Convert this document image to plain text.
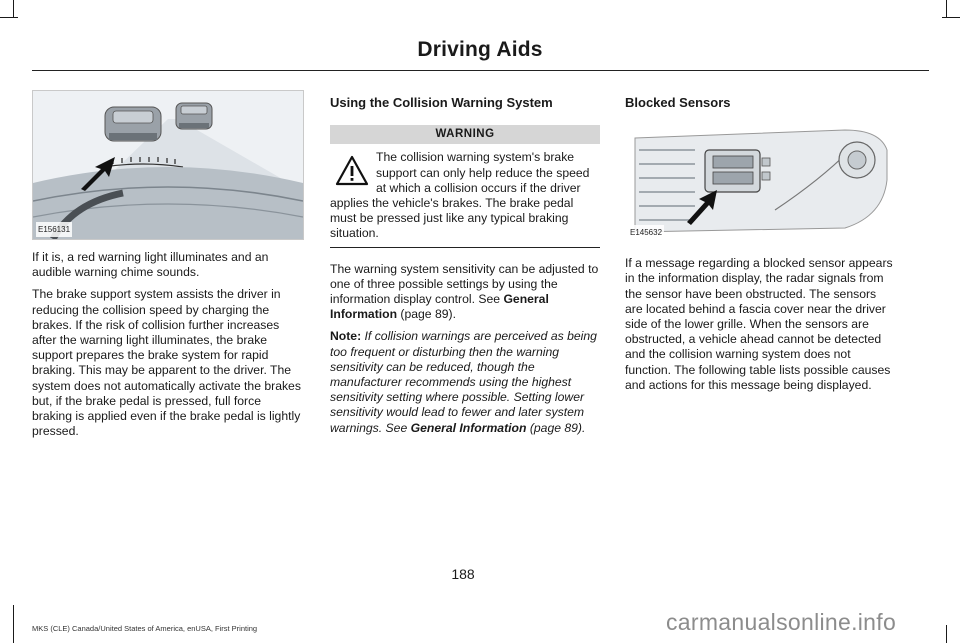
Driving Aids
E156131

If it is, a red warning light illuminates and an audible warning chime sounds.

The brake support system assists the driver in reducing the collision speed by charging the brakes. If the risk of collision further increases after the warning light illuminates, the brake support prepares the brake system for rapid braking. This may be apparent to the driver. The system does not automatically activate the brakes but, if the brake pedal is pressed, full force braking is applied even if the brake pedal is lightly pressed.

Using the Collision Warning System
WARNING
The collision warning system's brake support can only help reduce the speed at which a collision occurs if the driver applies the vehicle's brakes. The brake pedal must be pressed just like any typical braking situation.

The warning system sensitivity can be adjusted to one of three possible settings by using the information display control. See General Information (page 89).

Note: If collision warnings are perceived as being too frequent or disturbing then the warning sensitivity can be reduced, though the manufacturer recommends using the highest sensitivity setting where possible. Setting lower sensitivity would lead to fewer and later system warnings. See General Information (page 89).

Blocked Sensors
E145632

If a message regarding a blocked sensor appears in the information display, the radar signals from the sensor have been obstructed. The sensors are located behind a fascia cover near the driver side of the lower grille. When the sensors are obstructed, a vehicle ahead cannot be detected and the collision warning system does not function. The following table lists possible causes and actions for this message being displayed.

188
MKS (CLE) Canada/United States of America, enUSA, First Printing	carmanualsonline.info
